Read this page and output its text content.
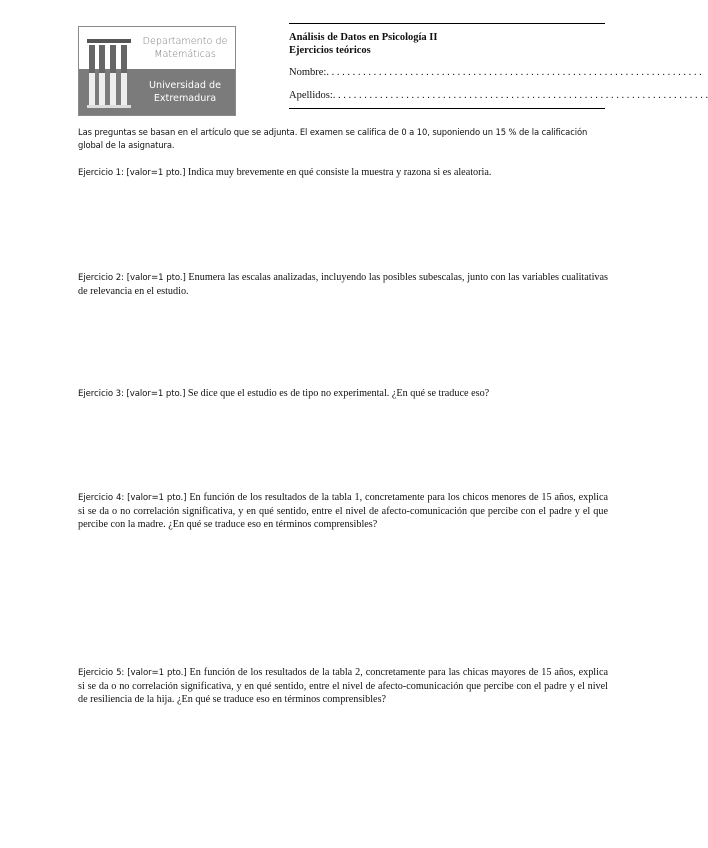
Departamento de
Matemáticas
Universidad de
Extremadura
Análisis de Datos en Psicología II
Ejercicios teóricos
Nombre:. . . . . . . . . . . . . . . . . . . . . . . . . . . . . . . . . . . . . . . . . . . . . . . . . . . . . . . . . . . . . . . . . . . . . . . .
Apellidos:. . . . . . . . . . . . . . . . . . . . . . . . . . . . . . . . . . . . . . . . . . . . . . . . . . . . . . . . . . . . . . . . . . . . . . . .
Las preguntas se basan en el artículo que se adjunta. El examen se califica de 0 a 10, suponiendo un 15 % de la calificación global de la asignatura.
Ejercicio 1: [valor=1 pto.] Indica muy brevemente en qué consiste la muestra y razona si es aleatoria.
Ejercicio 2: [valor=1 pto.] Enumera las escalas analizadas, incluyendo las posibles subescalas, junto con las variables cualitativas de relevancia en el estudio.
Ejercicio 3: [valor=1 pto.] Se dice que el estudio es de tipo no experimental. ¿En qué se traduce eso?
Ejercicio 4: [valor=1 pto.] En función de los resultados de la tabla 1, concretamente para los chicos menores de 15 años, explica si se da o no correlación significativa, y en qué sentido, entre el nivel de afecto-comunicación que percibe con el padre y el que percibe con la madre. ¿En qué se traduce eso en términos comprensibles?
Ejercicio 5: [valor=1 pto.] En función de los resultados de la tabla 2, concretamente para las chicas mayores de 15 años, explica si se da o no correlación significativa, y en qué sentido, entre el nivel de afecto-comunicación que percibe con el padre y el nivel de resiliencia de la hija. ¿En qué se traduce eso en términos comprensibles?
